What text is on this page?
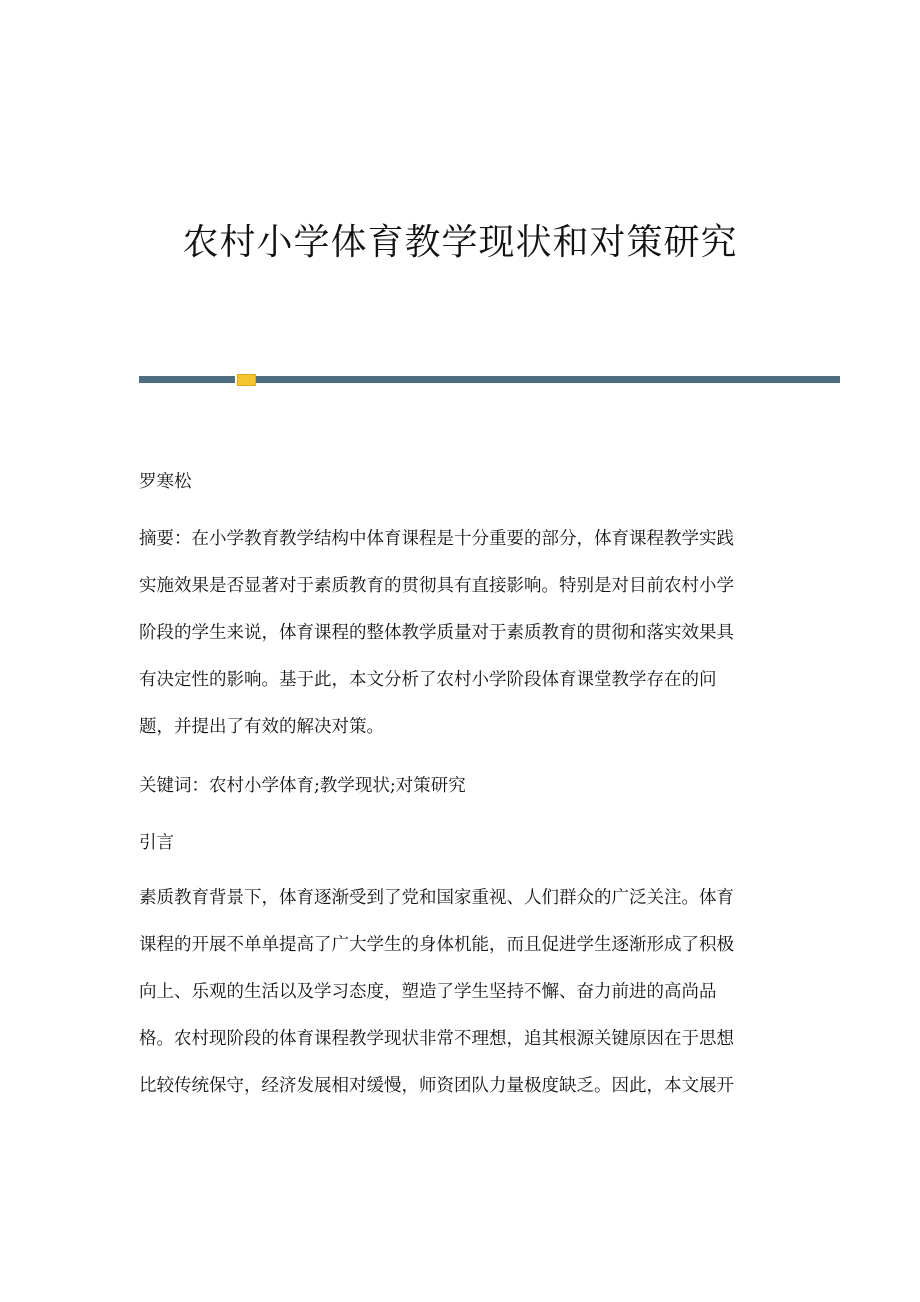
农村小学体育教学现状和对策研究
罗寒松
摘要：在小学教育教学结构中体育课程是十分重要的部分，体育课程教学实践
实施效果是否显著对于素质教育的贯彻具有直接影响。特别是对目前农村小学
阶段的学生来说，体育课程的整体教学质量对于素质教育的贯彻和落实效果具
有决定性的影响。基于此，本文分析了农村小学阶段体育课堂教学存在的问
题，并提出了有效的解决对策。
关键词：农村小学体育;教学现状;对策研究
引言
素质教育背景下，体育逐渐受到了党和国家重视、人们群众的广泛关注。体育
课程的开展不单单提高了广大学生的身体机能，而且促进学生逐渐形成了积极
向上、乐观的生活以及学习态度，塑造了学生坚持不懈、奋力前进的高尚品
格。农村现阶段的体育课程教学现状非常不理想，追其根源关键原因在于思想
比较传统保守，经济发展相对缓慢，师资团队力量极度缺乏。因此，本文展开
